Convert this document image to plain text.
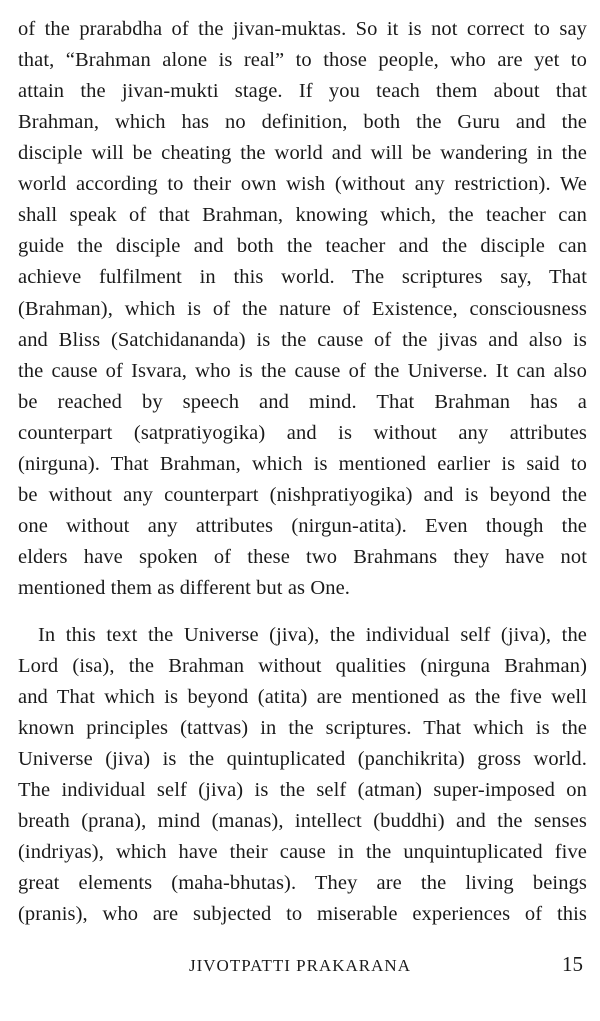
of the prarabdha of the jivan-muktas. So it is not correct to say
that, “Brahman alone is real” to those people, who are yet to
attain the jivan-mukti stage. If you teach them about that
Brahman, which has no definition, both the Guru and the
disciple will be cheating the world and will be wandering in the
world according to their own wish (without any restriction). We
shall speak of that Brahman, knowing which, the teacher can
guide the disciple and both the teacher and the disciple can
achieve fulfilment in this world. The scriptures say, That
(Brahman), which is of the nature of Existence, consciousness
and Bliss (Satchidananda) is the cause of the jivas and also is
the cause of Isvara, who is the cause of the Universe. It can also
be reached by speech and mind. That Brahman has a
counterpart (satpratiyogika) and is without any attributes
(nirguna). That Brahman, which is mentioned earlier is said to
be without any counterpart (nishpratiyogika) and is beyond the
one without any attributes (nirgun-atita). Even though the
elders have spoken of these two Brahmans they have not
mentioned them as different but as One.
In this text the Universe (jiva), the individual self (jiva), the
Lord (isa), the Brahman without qualities (nirguna Brahman)
and That which is beyond (atita) are mentioned as the five well
known principles (tattvas) in the scriptures. That which is the
Universe (jiva) is the quintuplicated (panchikrita) gross world.
The individual self (jiva) is the self (atman) super-imposed on
breath (prana), mind (manas), intellect (buddhi) and the senses
(indriyas), which have their cause in the unquintuplicated five
great elements (maha-bhutas). They are the living beings
(pranis), who are subjected to miserable experiences of this
JIVOTPATTI PRAKARANA	15
